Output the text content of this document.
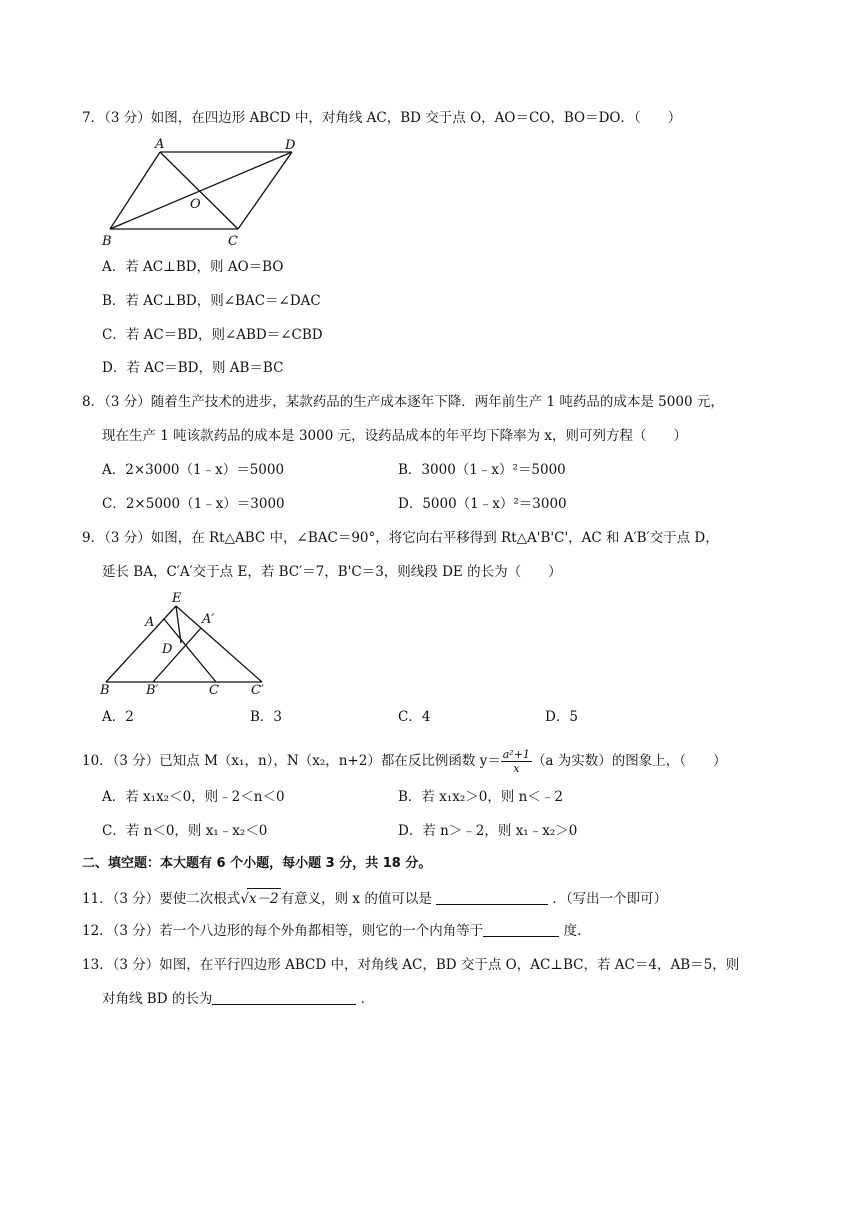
7．（3 分）如图，在四边形 ABCD 中，对角线 AC，BD 交于点 O，AO＝CO，BO＝DO．（　　）
A	D
O
B	C
A．若 AC⊥BD，则 AO＝BO
B．若 AC⊥BD，则∠BAC＝∠DAC
C．若 AC＝BD，则∠ABD＝∠CBD
D．若 AC＝BD，则 AB＝BC
8．（3 分）随着生产技术的进步，某款药品的生产成本逐年下降．两年前生产 1 吨药品的成本是 5000 元，
现在生产 1 吨该款药品的成本是 3000 元，设药品成本的年平均下降率为 x，则可列方程（　　）
A．2×3000（1﹣x）＝5000	B．3000（1﹣x）²＝5000
C．2×5000（1﹣x）＝3000	D．5000（1﹣x）²＝3000
9．（3 分）如图，在 Rt△ABC 中，∠BAC＝90°，将它向右平移得到 Rt△A'B'C'，AC 和 A′B′交于点 D，
延长 BA，C′A′交于点 E，若 BC′＝7，B'C＝3，则线段 DE 的长为（　　）
E
A	A′
D
B	B′	C C′
A．2	B．3	C．4	D．5
10．（3 分）已知点 M（x₁，n），N（x₂，n+2）都在反比例函数 $y= \frac{\text{a²+1}}{x} (a$ 为实数）的图象上，（　　）
A．若 x₁x₂＜0，则﹣2＜n＜0	B．若 x₁x₂＞0，则 n＜﹣2
C．若 n＜0，则 x₁﹣x₂＜0	D．若 n＞﹣2，则 x₁﹣x₂＞0
二、填空题：本大题有 6 个小题，每小题 3 分，共 18 分。
11．（3 分）要使二次根式√x－2 有意义，则 x 的值可以是	．（写出一个即可）
12．（3 分）若一个八边形的每个外角都相等，则它的一个内角等于	度.
13．（3 分）如图，在平行四边形 ABCD 中，对角线 AC，BD 交于点 O，AC⊥BC，若 AC＝4，AB＝5，则
对角线 BD 的长为	．
